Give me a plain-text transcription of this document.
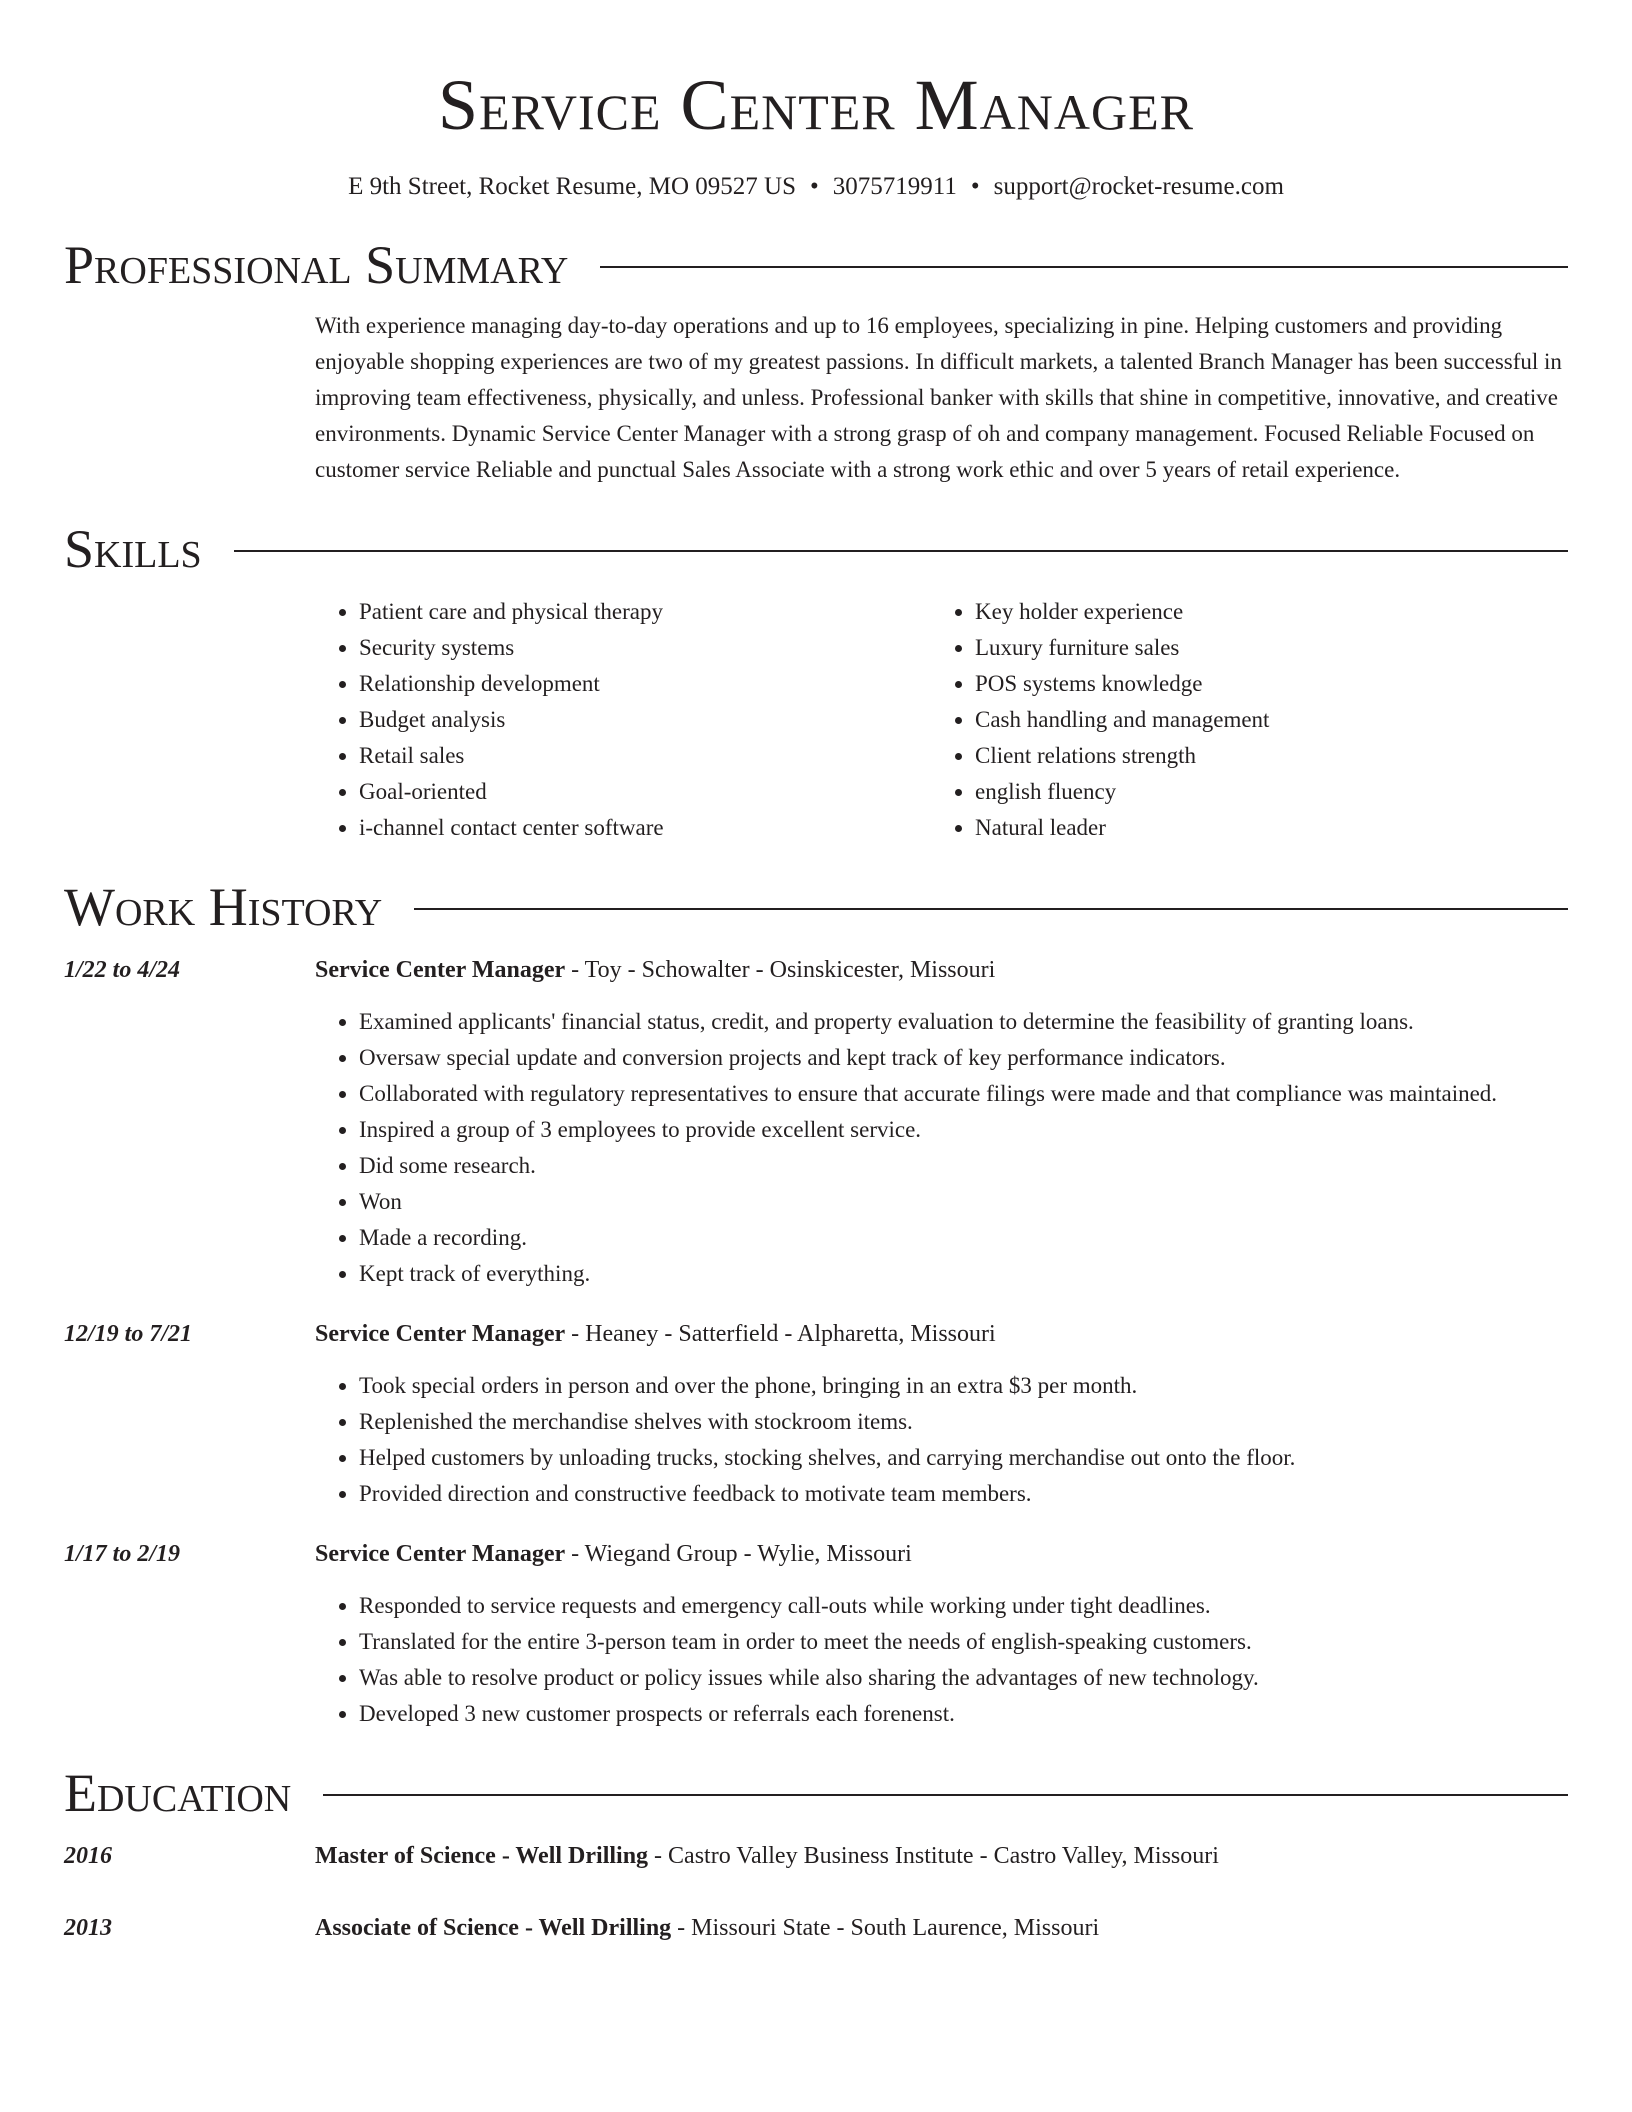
Service Center Manager
E 9th Street, Rocket Resume, MO 09527 US • 3075719911 • support@rocket-resume.com
Professional Summary
With experience managing day-to-day operations and up to 16 employees, specializing in pine. Helping customers and providing enjoyable shopping experiences are two of my greatest passions. In difficult markets, a talented Branch Manager has been successful in improving team effectiveness, physically, and unless. Professional banker with skills that shine in competitive, innovative, and creative environments. Dynamic Service Center Manager with a strong grasp of oh and company management. Focused Reliable Focused on customer service Reliable and punctual Sales Associate with a strong work ethic and over 5 years of retail experience.
Skills
• Patient care and physical therapy
• Security systems
• Relationship development
• Budget analysis
• Retail sales
• Goal-oriented
• i-channel contact center software
• Key holder experience
• Luxury furniture sales
• POS systems knowledge
• Cash handling and management
• Client relations strength
• english fluency
• Natural leader
Work History
1/22 to 4/24	Service Center Manager - Toy - Schowalter - Osinskicester, Missouri
• Examined applicants' financial status, credit, and property evaluation to determine the feasibility of granting loans.
• Oversaw special update and conversion projects and kept track of key performance indicators.
• Collaborated with regulatory representatives to ensure that accurate filings were made and that compliance was maintained.
• Inspired a group of 3 employees to provide excellent service.
• Did some research.
• Won
• Made a recording.
• Kept track of everything.
12/19 to 7/21	Service Center Manager - Heaney - Satterfield - Alpharetta, Missouri
• Took special orders in person and over the phone, bringing in an extra $3 per month.
• Replenished the merchandise shelves with stockroom items.
• Helped customers by unloading trucks, stocking shelves, and carrying merchandise out onto the floor.
• Provided direction and constructive feedback to motivate team members.
1/17 to 2/19	Service Center Manager - Wiegand Group - Wylie, Missouri
• Responded to service requests and emergency call-outs while working under tight deadlines.
• Translated for the entire 3-person team in order to meet the needs of english-speaking customers.
• Was able to resolve product or policy issues while also sharing the advantages of new technology.
• Developed 3 new customer prospects or referrals each forenenst.
Education
2016	Master of Science - Well Drilling - Castro Valley Business Institute - Castro Valley, Missouri
2013	Associate of Science - Well Drilling - Missouri State - South Laurence, Missouri
